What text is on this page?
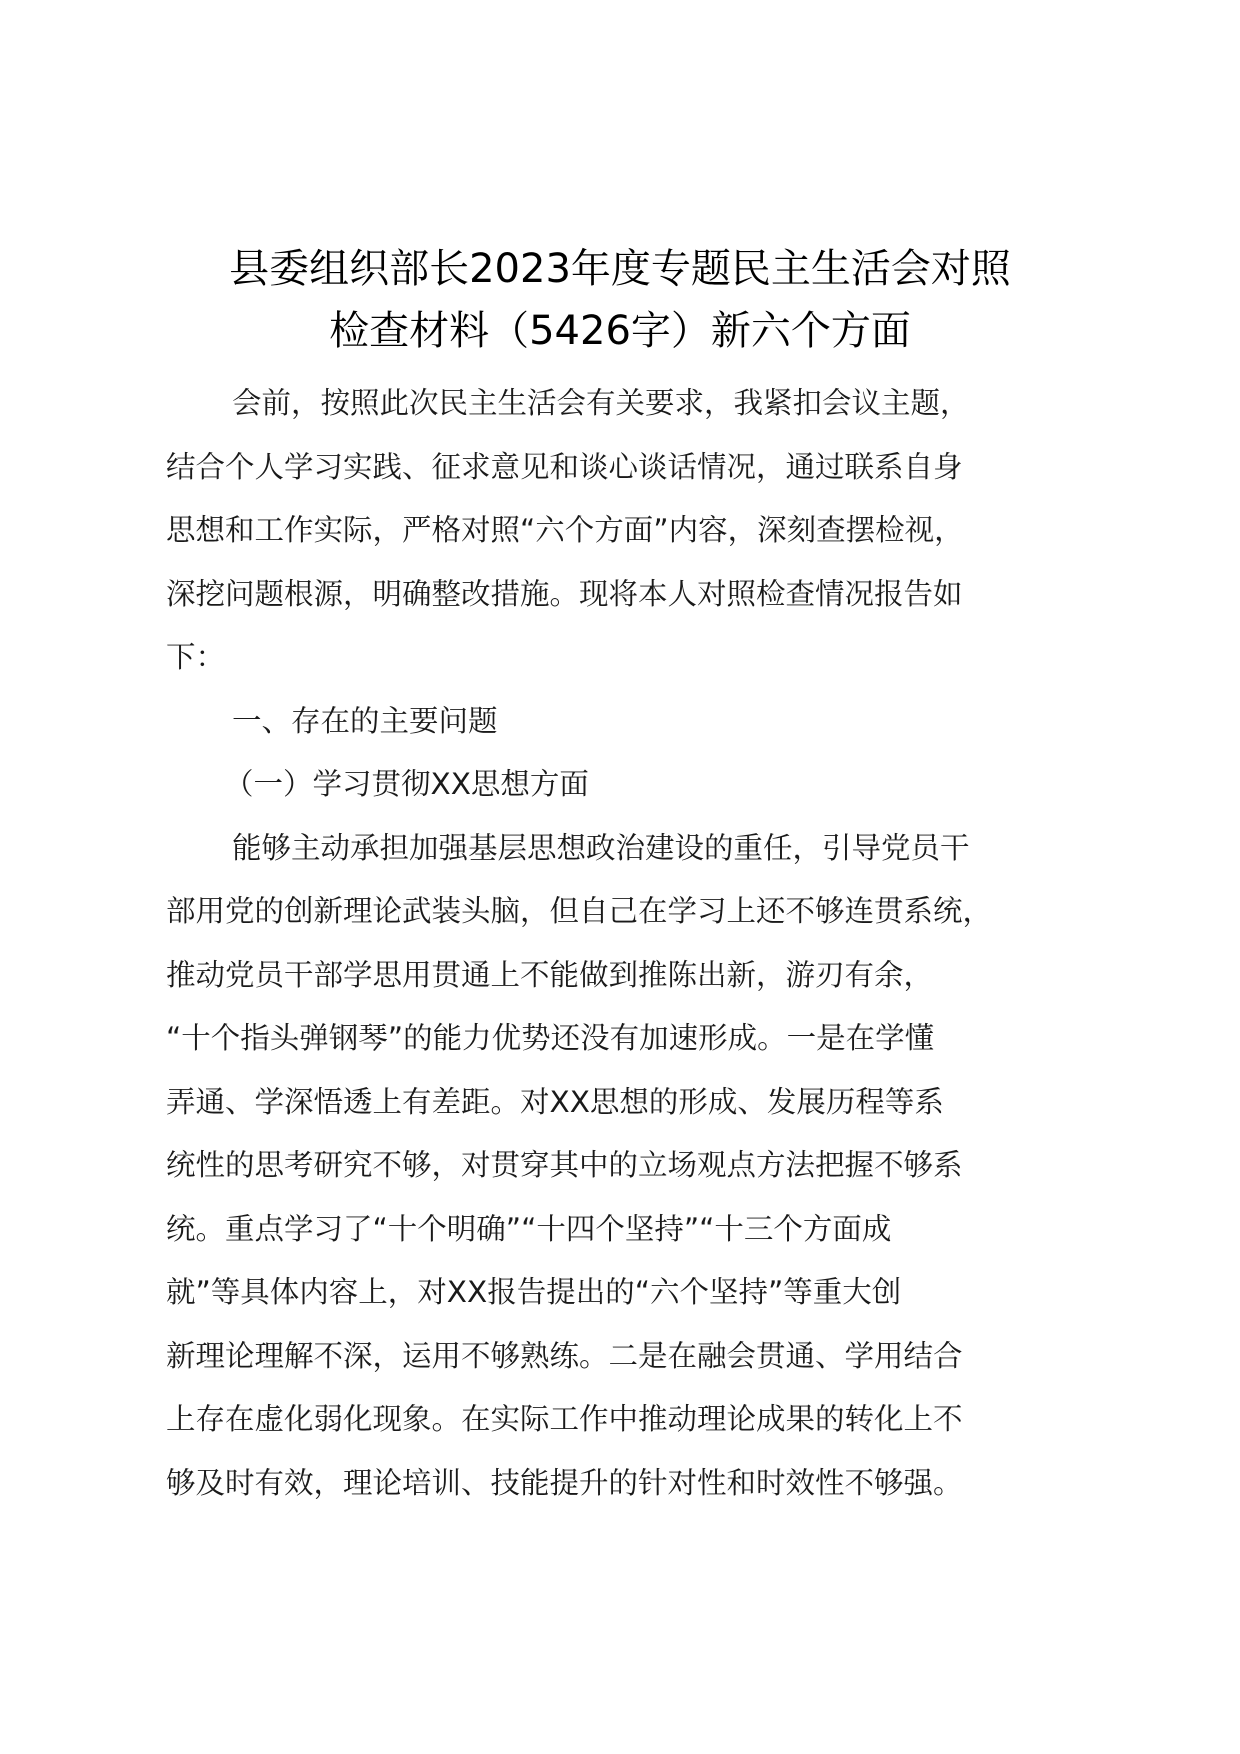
县委组织部长2023年度专题民主生活会对照
检查材料（5426字）新六个方面

会前，按照此次民主生活会有关要求，我紧扣会议主题，
结合个人学习实践、征求意见和谈心谈话情况，通过联系自身
思想和工作实际，严格对照“六个方面”内容，深刻查摆检视，
深挖问题根源，明确整改措施。现将本人对照检查情况报告如
下：

一、存在的主要问题

（一）学习贯彻XX思想方面

能够主动承担加强基层思想政治建设的重任，引导党员干
部用党的创新理论武装头脑，但自己在学习上还不够连贯系统，
推动党员干部学思用贯通上不能做到推陈出新，游刃有余，
“十个指头弹钢琴”的能力优势还没有加速形成。一是在学懂
弄通、学深悟透上有差距。对XX思想的形成、发展历程等系
统性的思考研究不够，对贯穿其中的立场观点方法把握不够系
统。重点学习了“十个明确”“十四个坚持”“十三个方面成
就”等具体内容上，对XX报告提出的“六个坚持”等重大创
新理论理解不深，运用不够熟练。二是在融会贯通、学用结合
上存在虚化弱化现象。在实际工作中推动理论成果的转化上不
够及时有效，理论培训、技能提升的针对性和时效性不够强。
